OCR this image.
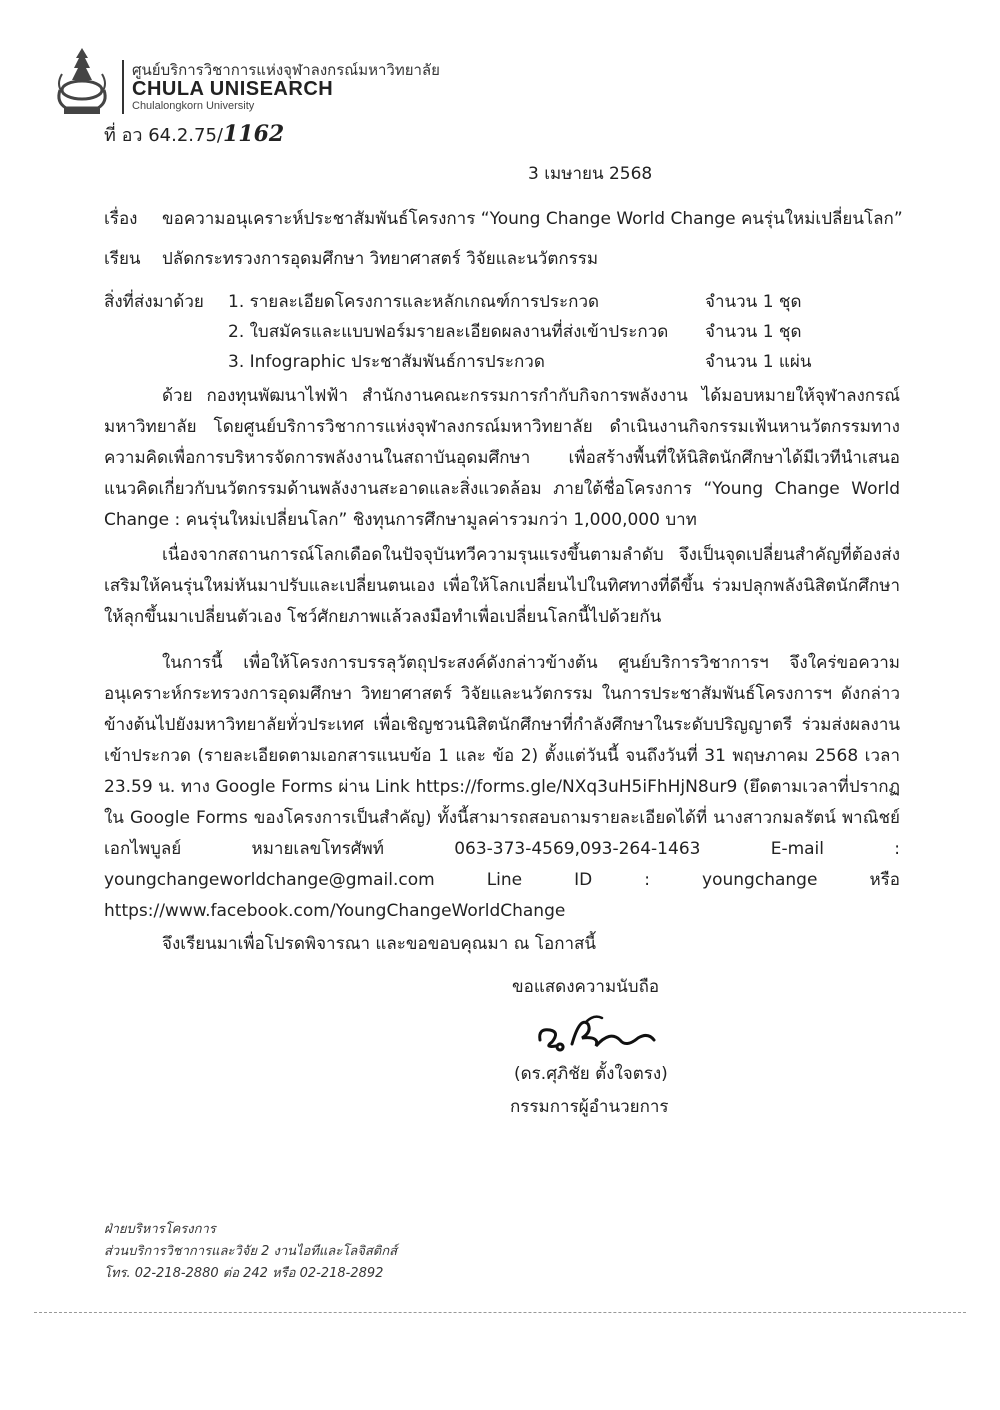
ศูนย์บริการวิชาการแห่งจุฬาลงกรณ์มหาวิทยาลัย
CHULA UNISEARCH
Chulalongkorn University
ที่ อว 64.2.75/1162
3 เมษายน 2568
เรื่อง ขอความอนุเคราะห์ประชาสัมพันธ์โครงการ “Young Change World Change คนรุ่นใหม่เปลี่ยนโลก”
เรียน ปลัดกระทรวงการอุดมศึกษา วิทยาศาสตร์ วิจัยและนวัตกรรม
สิ่งที่ส่งมาด้วย 1. รายละเอียดโครงการและหลักเกณฑ์การประกวด	จำนวน 1 ชุด
2. ใบสมัครและแบบฟอร์มรายละเอียดผลงานที่ส่งเข้าประกวด จำนวน 1 ชุด
3. Infographic ประชาสัมพันธ์การประกวด	จำนวน 1 แผ่น
ด้วย กองทุนพัฒนาไฟฟ้า สำนักงานคณะกรรมการกำกับกิจการพลังงาน ได้มอบหมายให้จุฬาลงกรณ์มหาวิทยาลัย โดยศูนย์บริการวิชาการแห่งจุฬาลงกรณ์มหาวิทยาลัย ดำเนินงานกิจกรรมเฟ้นหานวัตกรรมทางความคิดเพื่อการบริหารจัดการพลังงานในสถาบันอุดมศึกษา เพื่อสร้างพื้นที่ให้นิสิตนักศึกษาได้มีเวทีนำเสนอแนวคิดเกี่ยวกับนวัตกรรมด้านพลังงานสะอาดและสิ่งแวดล้อม ภายใต้ชื่อโครงการ “Young Change World Change : คนรุ่นใหม่เปลี่ยนโลก” ชิงทุนการศึกษามูลค่ารวมกว่า 1,000,000 บาท
เนื่องจากสถานการณ์โลกเดือดในปัจจุบันทวีความรุนแรงขึ้นตามลำดับ จึงเป็นจุดเปลี่ยนสำคัญที่ต้องส่งเสริมให้คนรุ่นใหม่หันมาปรับและเปลี่ยนตนเอง เพื่อให้โลกเปลี่ยนไปในทิศทางที่ดีขึ้น ร่วมปลุกพลังนิสิตนักศึกษาให้ลุกขึ้นมาเปลี่ยนตัวเอง โชว์ศักยภาพแล้วลงมือทำเพื่อเปลี่ยนโลกนี้ไปด้วยกัน
ในการนี้ เพื่อให้โครงการบรรลุวัตถุประสงค์ดังกล่าวข้างต้น ศูนย์บริการวิชาการฯ จึงใคร่ขอความอนุเคราะห์กระทรวงการอุดมศึกษา วิทยาศาสตร์ วิจัยและนวัตกรรม ในการประชาสัมพันธ์โครงการฯ ดังกล่าวข้างต้นไปยังมหาวิทยาลัยทั่วประเทศ เพื่อเชิญชวนนิสิตนักศึกษาที่กำลังศึกษาในระดับปริญญาตรี ร่วมส่งผลงานเข้าประกวด (รายละเอียดตามเอกสารแนบข้อ 1 และ ข้อ 2) ตั้งแต่วันนี้ จนถึงวันที่ 31 พฤษภาคม 2568 เวลา 23.59 น. ทาง Google Forms ผ่าน Link https://forms.gle/NXq3uH5iFhHjN8ur9 (ยึดตามเวลาที่ปรากฏใน Google Forms ของโครงการเป็นสำคัญ) ทั้งนี้สามารถสอบถามรายละเอียดได้ที่ นางสาวกมลรัตน์ พาณิชย์เอกไพบูลย์ หมายเลขโทรศัพท์ 063-373-4569,093-264-1463 E-mail : youngchangeworldchange@gmail.com Line ID : youngchange หรือ https://www.facebook.com/YoungChangeWorldChange
จึงเรียนมาเพื่อโปรดพิจารณา และขอขอบคุณมา ณ โอกาสนี้
ขอแสดงความนับถือ
(ดร.ศุภิชัย ตั้งใจตรง)
กรรมการผู้อำนวยการ
ฝ่ายบริหารโครงการ
ส่วนบริการวิชาการและวิจัย 2 งานไอทีและโลจิสติกส์
โทร. 02-218-2880 ต่อ 242 หรือ 02-218-2892
